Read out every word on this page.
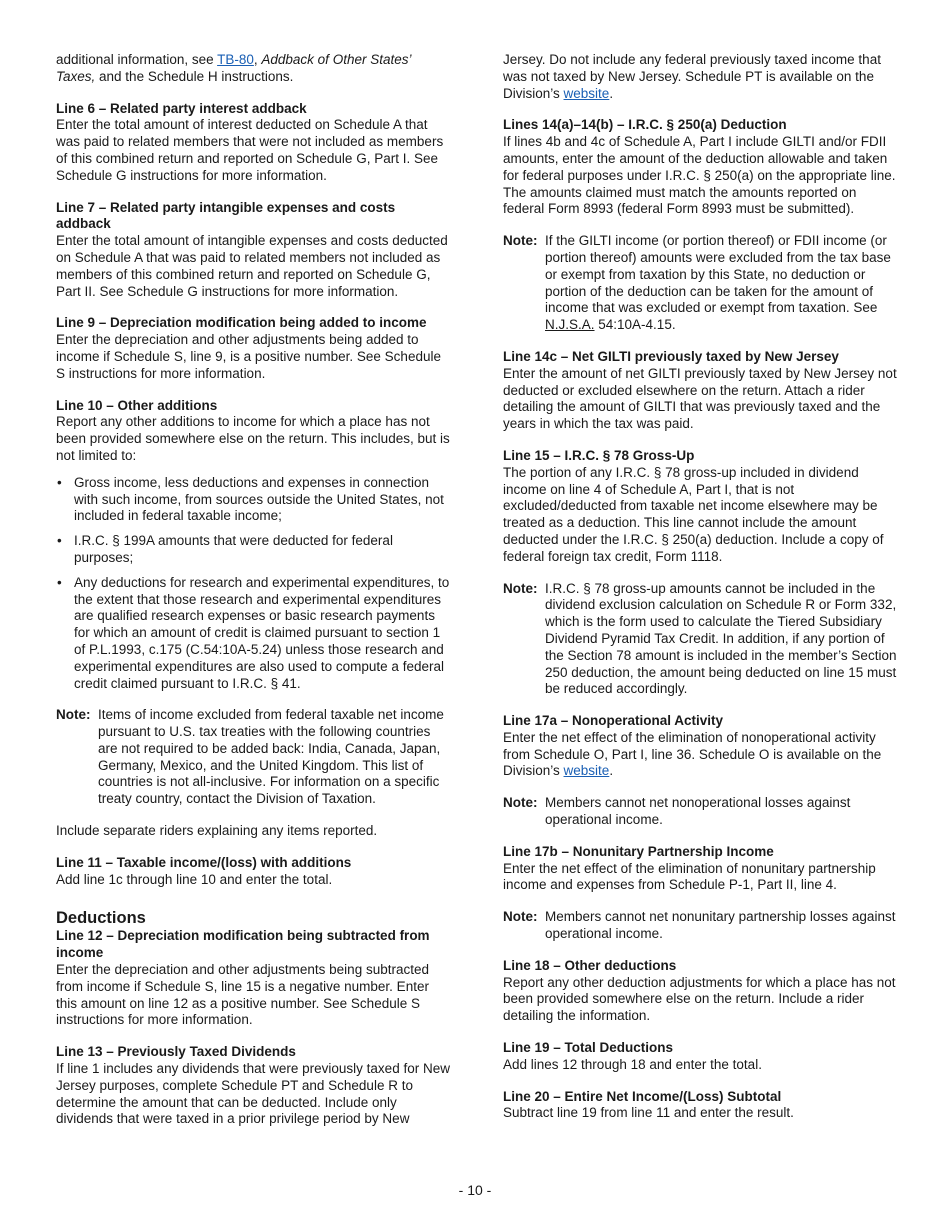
additional information, see TB-80, Addback of Other States’ Taxes, and the Schedule H instructions.

Line 6 – Related party interest addback

Enter the total amount of interest deducted on Schedule A that was paid to related members that were not included as members of this combined return and reported on Schedule G, Part I. See Schedule G instructions for more information.

Line 7 – Related party intangible expenses and costs addback

Enter the total amount of intangible expenses and costs deducted on Schedule A that was paid to related members not included as members of this combined return and reported on Schedule G, Part II. See Schedule G instructions for more information.

Line 9 – Depreciation modification being added to income

Enter the depreciation and other adjustments being added to income if Schedule S, line 9, is a positive number. See Schedule S instructions for more information.

Line 10 – Other additions

Report any other additions to income for which a place has not been provided somewhere else on the return. This includes, but is not limited to:

• Gross income, less deductions and expenses in connection with such income, from sources outside the United States, not included in federal taxable income;
• I.R.C. § 199A amounts that were deducted for federal purposes;
• Any deductions for research and experimental expenditures, to the extent that those research and experimental expenditures are qualified research expenses or basic research payments for which an amount of credit is claimed pursuant to section 1 of P.L.1993, c.175 (C.54:10A-5.24) unless those research and experimental expenditures are also used to compute a federal credit claimed pursuant to I.R.C. § 41.
Note: Items of income excluded from federal taxable net income pursuant to U.S. tax treaties with the following countries are not required to be added back: India, Canada, Japan, Germany, Mexico, and the United Kingdom. This list of countries is not all-inclusive. For information on a specific treaty country, contact the Division of Taxation.

Include separate riders explaining any items reported.

Line 11 – Taxable income/(loss) with additions

Add line 1c through line 10 and enter the total.

Deductions

Line 12 – Depreciation modification being subtracted from income

Enter the depreciation and other adjustments being subtracted from income if Schedule S, line 15 is a negative number. Enter this amount on line 12 as a positive number. See Schedule S instructions for more information.

Line 13 – Previously Taxed Dividends

If line 1 includes any dividends that were previously taxed for New Jersey purposes, complete Schedule PT and Schedule R to determine the amount that can be deducted. Include only dividends that were taxed in a prior privilege period by New

Jersey. Do not include any federal previously taxed income that was not taxed by New Jersey. Schedule PT is available on the Division’s website.

Lines 14(a)–14(b) – I.R.C. § 250(a) Deduction

If lines 4b and 4c of Schedule A, Part I include GILTI and/or FDII amounts, enter the amount of the deduction allowable and taken for federal purposes under I.R.C. § 250(a) on the appropriate line. The amounts claimed must match the amounts reported on federal Form 8993 (federal Form 8993 must be submitted).

Note: If the GILTI income (or portion thereof) or FDII income (or portion thereof) amounts were excluded from the tax base or exempt from taxation by this State, no deduction or portion of the deduction can be taken for the amount of income that was excluded or exempt from taxation. See N.J.S.A. 54:10A-4.15.

Line 14c – Net GILTI previously taxed by New Jersey

Enter the amount of net GILTI previously taxed by New Jersey not deducted or excluded elsewhere on the return. Attach a rider detailing the amount of GILTI that was previously taxed and the years in which the tax was paid.

Line 15 – I.R.C. § 78 Gross-Up

The portion of any I.R.C. § 78 gross-up included in dividend income on line 4 of Schedule A, Part I, that is not excluded/deducted from taxable net income elsewhere may be treated as a deduction. This line cannot include the amount deducted under the I.R.C. § 250(a) deduction. Include a copy of federal foreign tax credit, Form 1118.

Note: I.R.C. § 78 gross-up amounts cannot be included in the dividend exclusion calculation on Schedule R or Form 332, which is the form used to calculate the Tiered Subsidiary Dividend Pyramid Tax Credit. In addition, if any portion of the Section 78 amount is included in the member’s Section 250 deduction, the amount being deducted on line 15 must be reduced accordingly.

Line 17a – Nonoperational Activity

Enter the net effect of the elimination of nonoperational activity from Schedule O, Part I, line 36. Schedule O is available on the Division’s website.

Note: Members cannot net nonoperational losses against operational income.

Line 17b – Nonunitary Partnership Income

Enter the net effect of the elimination of nonunitary partnership income and expenses from Schedule P-1, Part II, line 4.

Note: Members cannot net nonunitary partnership losses against operational income.

Line 18 – Other deductions

Report any other deduction adjustments for which a place has not been provided somewhere else on the return. Include a rider detailing the information.

Line 19 – Total Deductions

Add lines 12 through 18 and enter the total.

Line 20 – Entire Net Income/(Loss) Subtotal

Subtract line 19 from line 11 and enter the result.

- 10 -
